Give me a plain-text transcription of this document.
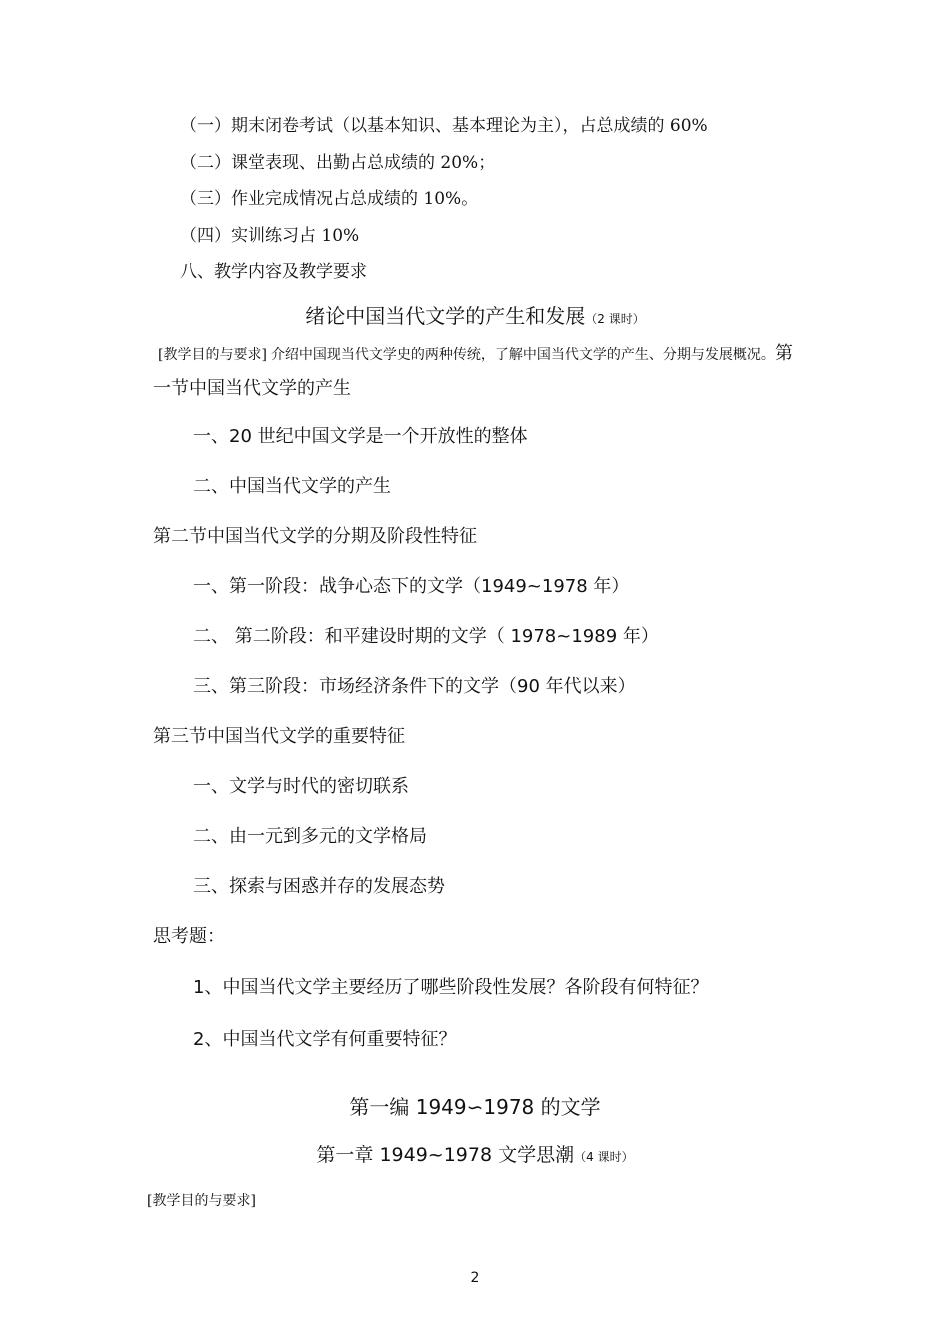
（一）期末闭卷考试（以基本知识、基本理论为主），占总成绩的 60%
（二）课堂表现、出勤占总成绩的 20%；
（三）作业完成情况占总成绩的 10%。
（四）实训练习占 10%
八、教学内容及教学要求
绪论中国当代文学的产生和发展（2 课时）
[教学目的与要求] 介绍中国现当代文学史的两种传统，了解中国当代文学的产生、分期与发展概况。第
一节中国当代文学的产生
一、20 世纪中国文学是一个开放性的整体
二、中国当代文学的产生
第二节中国当代文学的分期及阶段性特征
一、第一阶段：战争心态下的文学（1949~1978 年）
二、 第二阶段：和平建设时期的文学（ 1978~1989 年）
三、第三阶段：市场经济条件下的文学（90 年代以来）
第三节中国当代文学的重要特征
一、文学与时代的密切联系
二、由一元到多元的文学格局
三、探索与困惑并存的发展态势
思考题：
1、中国当代文学主要经历了哪些阶段性发展？各阶段有何特征？
2、中国当代文学有何重要特征？
第一编 1949∽1978 的文学
第一章 1949~1978 文学思潮（4 课时）
[教学目的与要求]
2
